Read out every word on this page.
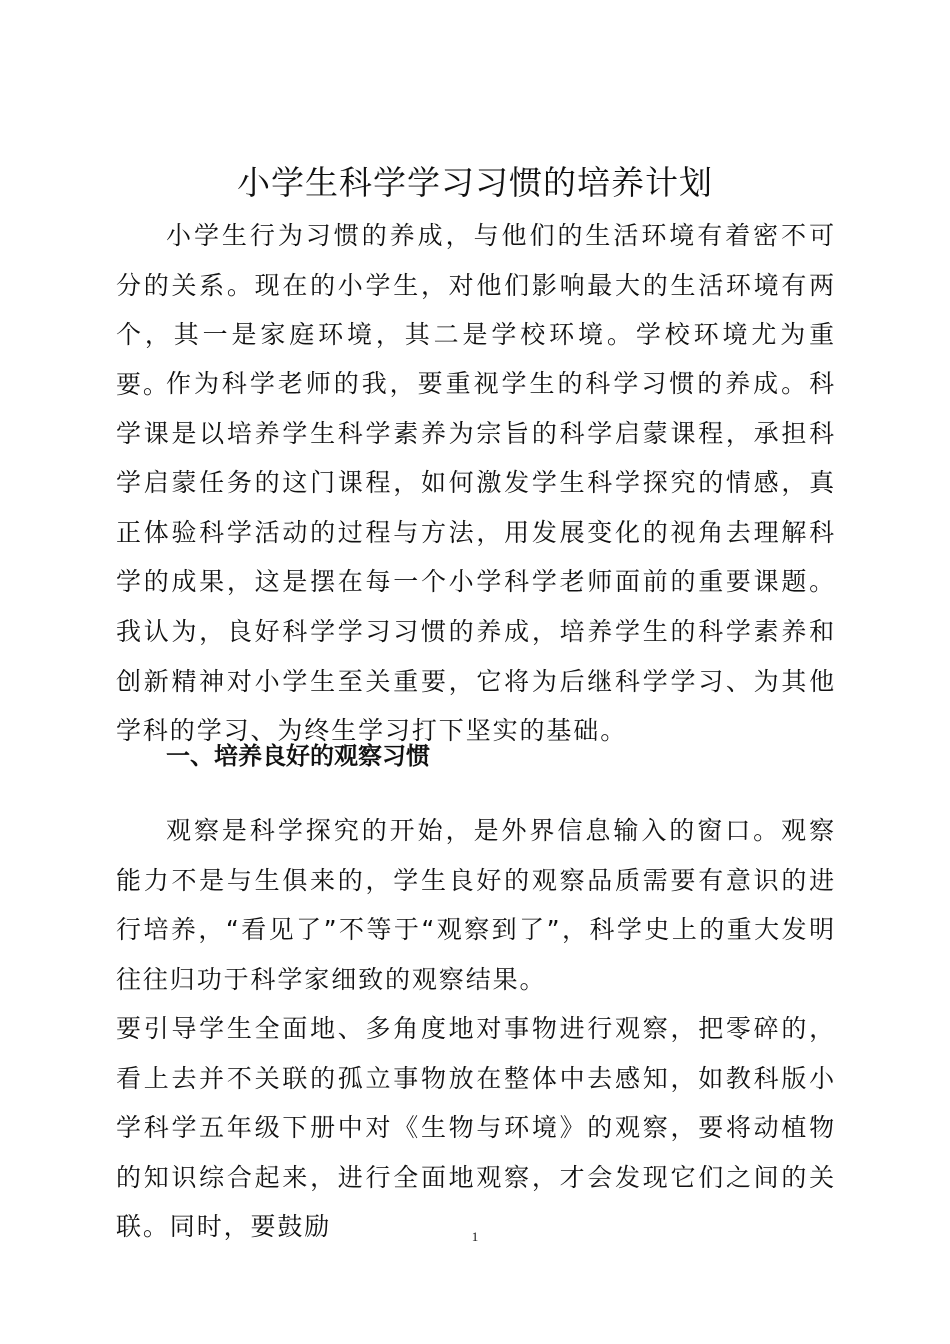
小学生科学学习习惯的培养计划

小学生行为习惯的养成，与他们的生活环境有着密不可分的关系。现在的小学生，对他们影响最大的生活环境有两个，其一是家庭环境，其二是学校环境。学校环境尤为重要。

作为科学老师的我，要重视学生的科学习惯的养成。科学课是以培养学生科学素养为宗旨的科学启蒙课程，承担科学启蒙任务的这门课程，如何激发学生科学探究的情感，真正体验科学活动的过程与方法，用发展变化的视角去理解科学的成果，这是摆在每一个小学科学老师面前的重要课题。我认为，良好科学学习习惯的养成，培养学生的科学素养和创新精神对小学生至关重要，它将为后继科学学习、为其他学科的学习、为终生学习打下坚实的基础。

一、培养良好的观察习惯

观察是科学探究的开始，是外界信息输入的窗口。观察能力不是与生俱来的，学生良好的观察品质需要有意识的进行培养，“看见了”不等于“观察到了”，科学史上的重大发明往往归功于科学家细致的观察结果。

要引导学生全面地、多角度地对事物进行观察，把零碎的，看上去并不关联的孤立事物放在整体中去感知，如教科版小学科学五年级下册中对《生物与环境》的观察，要将动植物的知识综合起来，进行全面地观察，才会发现它们之间的关联。同时，要鼓励	1
